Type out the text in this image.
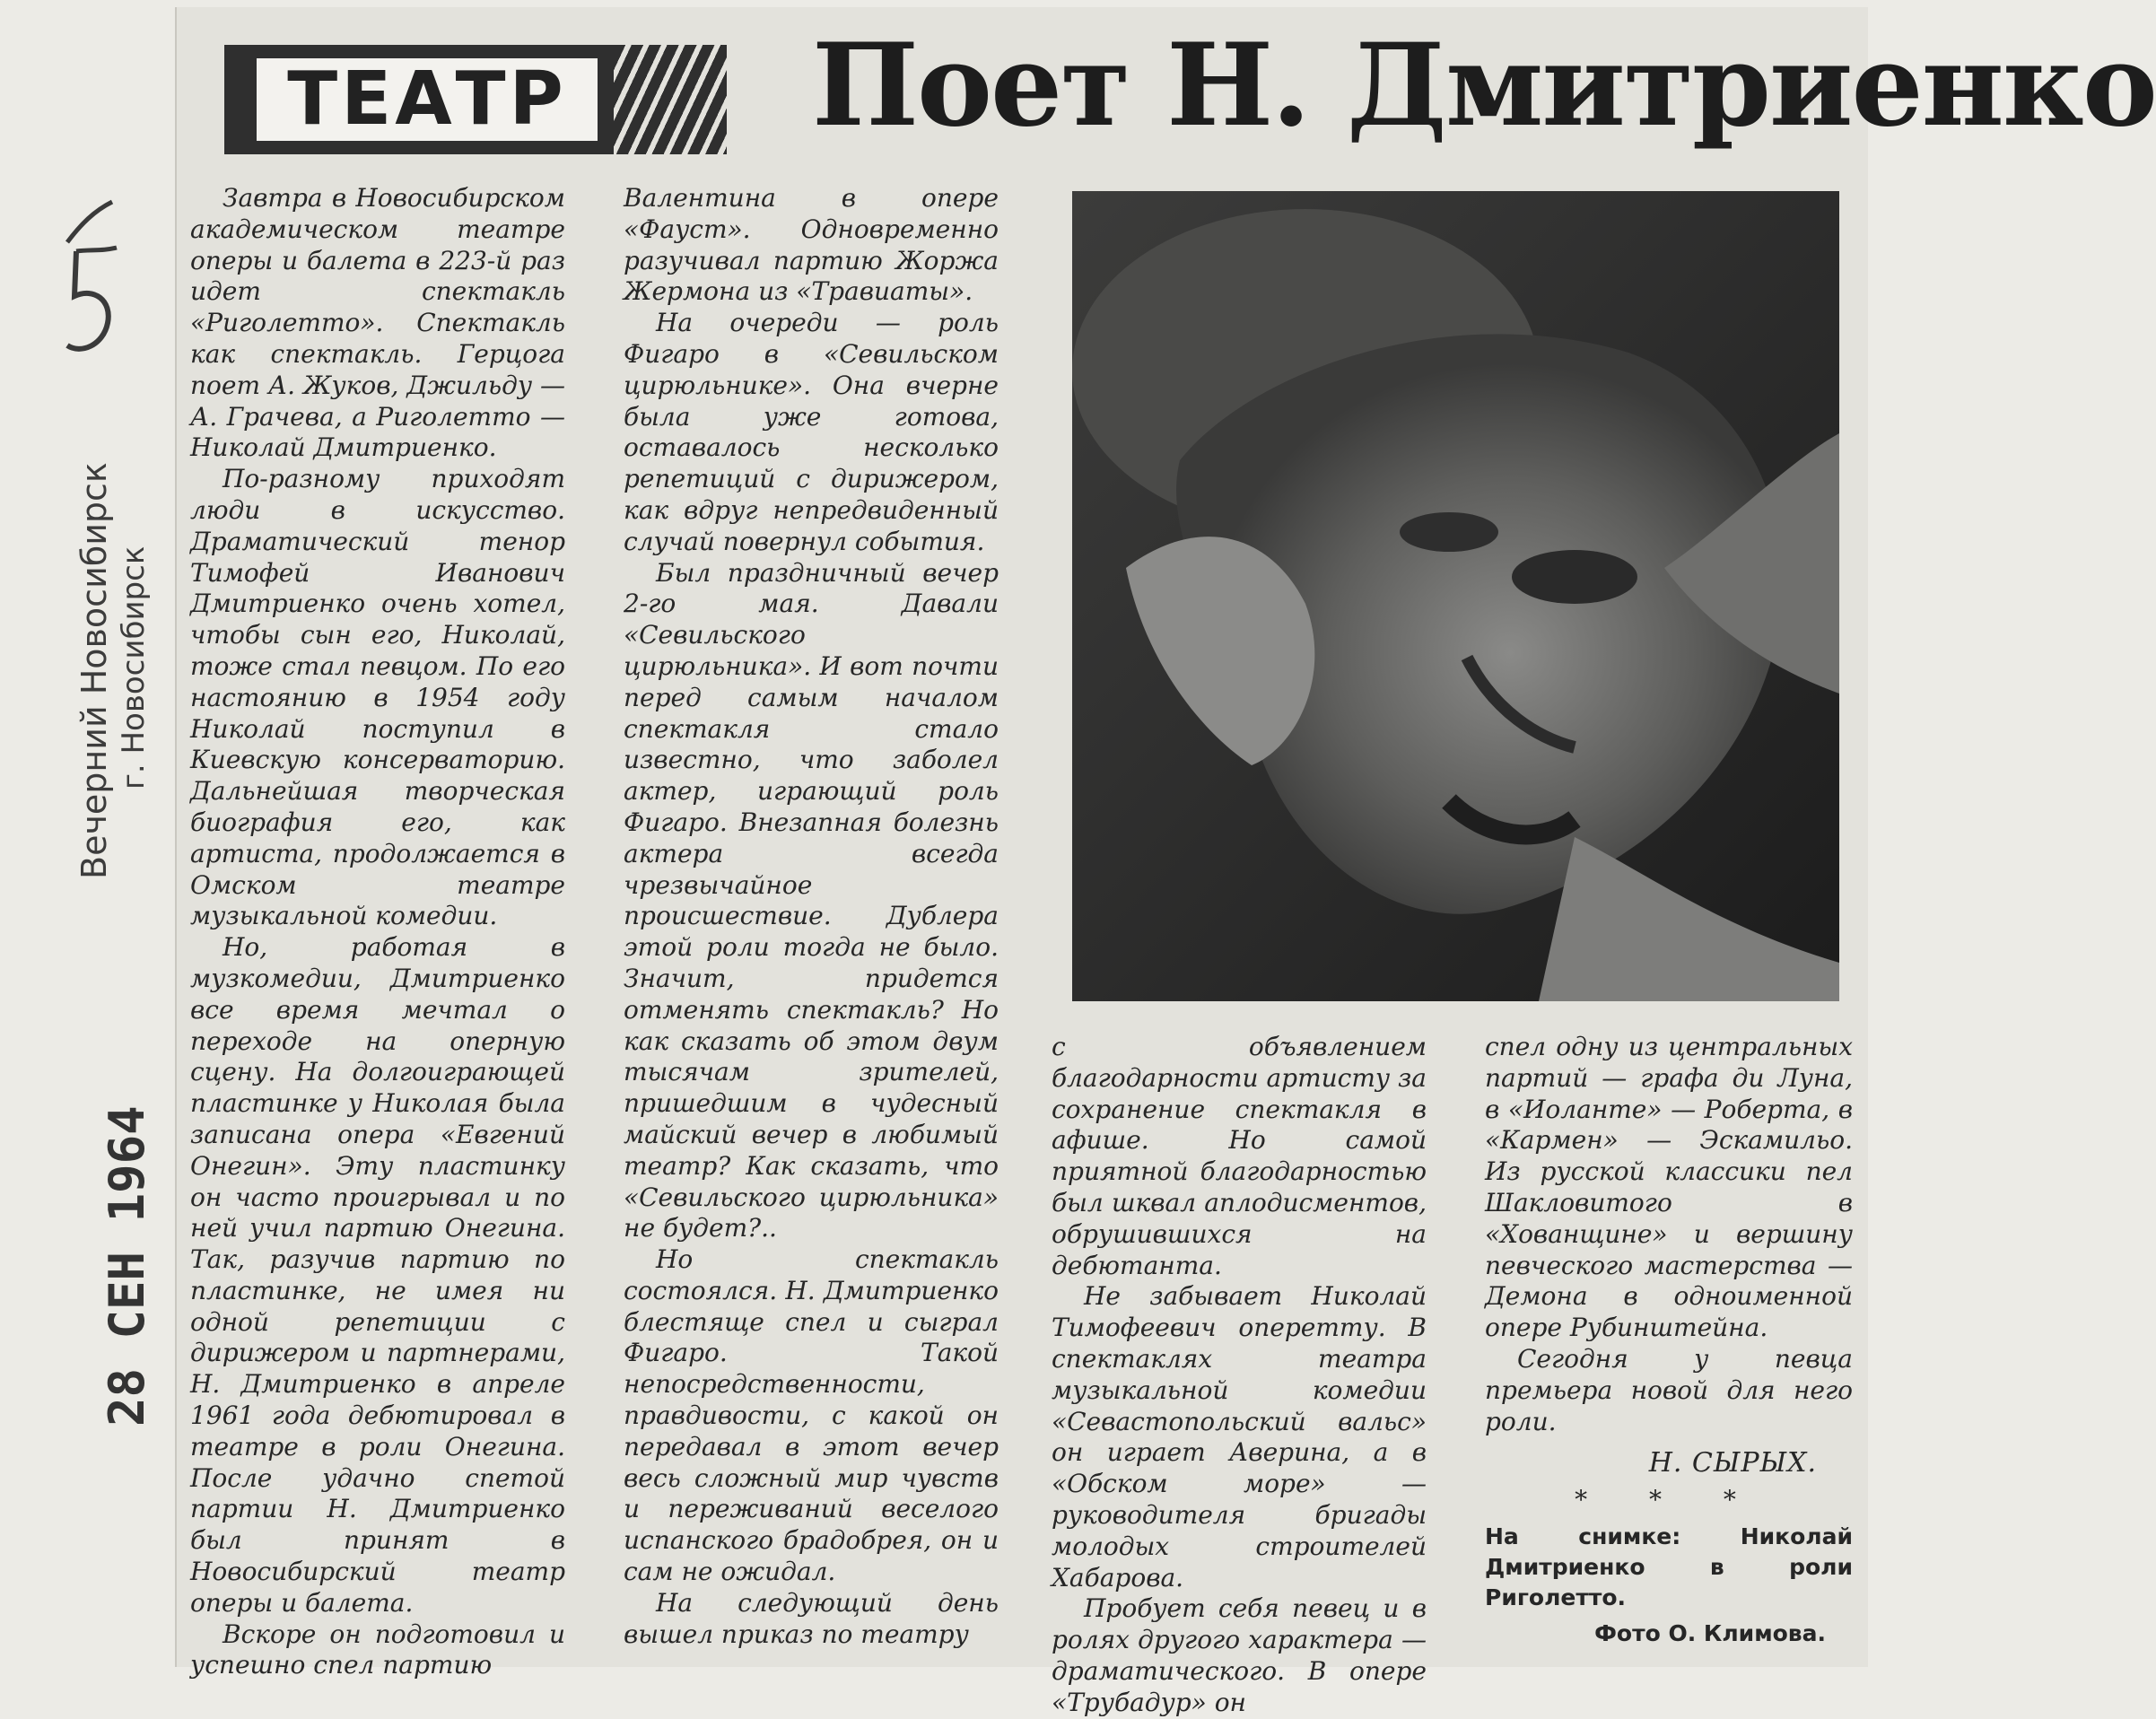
Вечерний Новосибирск г. Новосибирск
28 СЕН 1964
ТЕАТР Поет Н. Дмитриенко

Завтра в Новосибирском академическом театре оперы и балета в 223-й раз идет спектакль «Риголетто». Спектакль как спектакль. Герцога поет А. Жуков, Джильду — А. Грачева, а Риголетто — Николай Дмитриенко.

По-разному приходят люди в искусство. Драматический тенор Тимофей Иванович Дмитриенко очень хотел, чтобы сын его, Николай, тоже стал певцом. По его настоянию в 1954 году Николай поступил в Киевскую консерваторию. Дальнейшая творческая биография его, как артиста, продолжается в Омском театре музыкальной комедии.

Но, работая в музкомедии, Дмитриенко все время мечтал о переходе на оперную сцену. На долгоиграющей пластинке у Николая была записана опера «Евгений Онегин». Эту пластинку он часто проигрывал и по ней учил партию Онегина. Так, разучив партию по пластинке, не имея ни одной репетиции с дирижером и партнерами, Н. Дмитриенко в апреле 1961 года дебютировал в театре в роли Онегина. После удачно спетой партии Н. Дмитриенко был принят в Новосибирский театр оперы и балета.

Вскоре он подготовил и успешно спел партию

Валентина в опере «Фауст». Одновременно разучивал партию Жоржа Жермона из «Травиаты».

На очереди — роль Фигаро в «Севильском цирюльнике». Она вчерне была уже готова, оставалось несколько репетиций с дирижером, как вдруг непредвиденный случай повернул события.

Был праздничный вечер 2-го мая. Давали «Севильского цирюльника». И вот почти перед самым началом спектакля стало известно, что заболел актер, играющий роль Фигаро. Внезапная болезнь актера всегда чрезвычайное происшествие. Дублера этой роли тогда не было. Значит, придется отменять спектакль? Но как сказать об этом двум тысячам зрителей, пришедшим в чудесный майский вечер в любимый театр? Как сказать, что «Севильского цирюльника» не будет?..

Но спектакль состоялся. Н. Дмитриенко блестяще спел и сыграл Фигаро. Такой непосредственности, правдивости, с какой он передавал в этот вечер весь сложный мир чувств и переживаний веселого испанского брадобрея, он и сам не ожидал.

На следующий день вышел приказ по театру

с объявлением благодарности артисту за сохранение спектакля в афише. Но самой приятной благодарностью был шквал аплодисментов, обрушившихся на дебютанта.

Не забывает Николай Тимофеевич оперетту. В спектаклях театра музыкальной комедии «Севастопольский вальс» он играет Аверина, а в «Обском море» — руководителя бригады молодых строителей Хабарова.

Пробует себя певец и в ролях другого характера — драматического. В опере «Трубадур» он

спел одну из центральных партий — графа ди Луна, в «Иоланте» — Роберта, в «Кармен» — Эскамильо. Из русской классики пел Шакловитого в «Хованщине» и вершину певческого мастерства — Демона в одноименной опере Рубинштейна.

Сегодня у певца премьера новой для него роли.

Н. СЫРЫХ.

* * *

На снимке: Николай Дмитриенко в роли Риголетто.

Фото О. Климова.
